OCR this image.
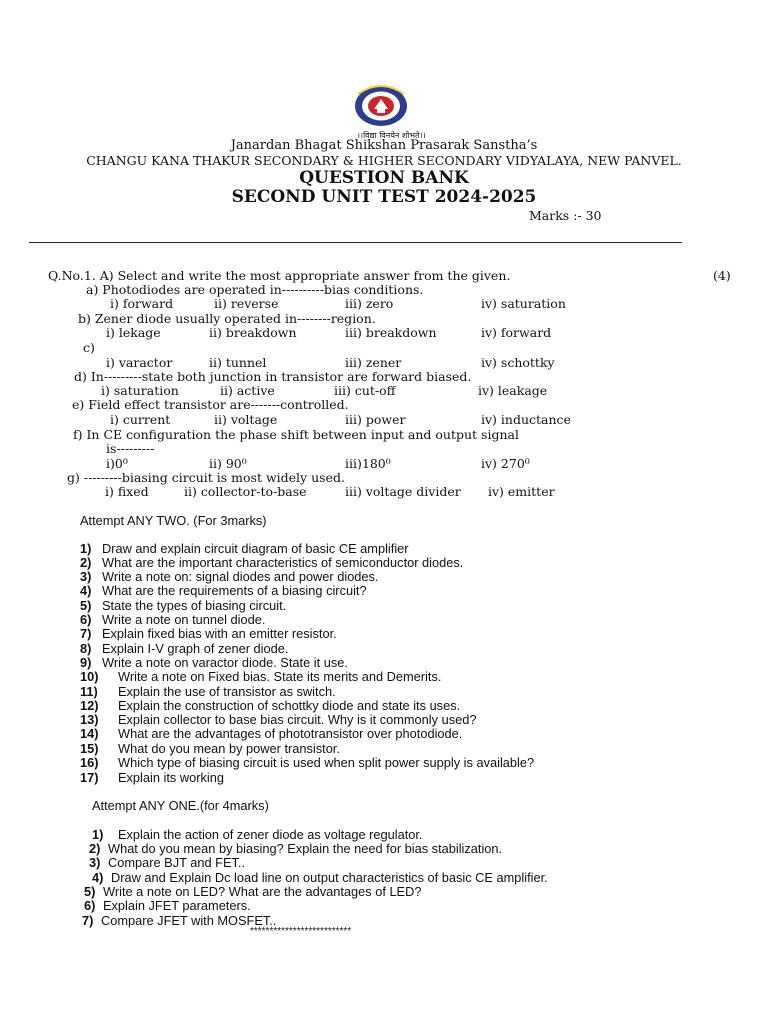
।।विद्या विनयेन शोभते।।
Janardan Bhagat Shikshan Prasarak Sanstha’s
CHANGU KANA THAKUR SECONDARY & HIGHER SECONDARY VIDYALAYA, NEW PANVEL.
QUESTION BANK
SECOND UNIT TEST 2024-2025
Marks :- 30
Q.No.1. A) Select and write the most appropriate answer from the given.	(4)
a) Photodiodes are operated in----------bias conditions.
i) forward	ii) reverse	iii) zero	iv) saturation
b) Zener diode usually operated in--------region.
i) lekage	ii) breakdown	iii) breakdown	iv) forward
c)
i) varactor	ii) tunnel	iii) zener	iv) schottky
d) In---------state both junction in transistor are forward biased.
i) saturation	ii) active	iii) cut-off	iv) leakage
e) Field effect transistor are-------controlled.
i) current	ii) voltage	iii) power	iv) inductance
f) In CE configuration the phase shift between input and output signal
is---------
i)0⁰	ii) 90⁰	iii)180⁰	iv) 270⁰
g) ---------biasing circuit is most widely used.
i) fixed	ii) collector-to-base	iii) voltage divider iv) emitter
Attempt ANY TWO. (For 3marks)
1) Draw and explain circuit diagram of basic CE amplifier
2) What are the important characteristics of semiconductor diodes.
3) Write a note on: signal diodes and power diodes.
4) What are the requirements of a biasing circuit?
5) State the types of biasing circuit.
6) Write a note on tunnel diode.
7) Explain fixed bias with an emitter resistor.
8) Explain I-V graph of zener diode.
9) Write a note on varactor diode. State it use.
10) Write a note on Fixed bias. State its merits and Demerits.
11) Explain the use of transistor as switch.
12) Explain the construction of schottky diode and state its uses.
13) Explain collector to base bias circuit. Why is it commonly used?
14) What are the advantages of phototransistor over photodiode.
15) What do you mean by power transistor.
16) Which type of biasing circuit is used when split power supply is available?
17) Explain its working
Attempt ANY ONE.(for 4marks)
1) Explain the action of zener diode as voltage regulator.
2) What do you mean by biasing? Explain the need for bias stabilization.
3) Compare BJT and FET..
4) Draw and Explain Dc load line on output characteristics of basic CE amplifier.
5) Write a note on LED? What are the advantages of LED?
6) Explain JFET parameters.
7) Compare JFET with MOSFET..
**************************
